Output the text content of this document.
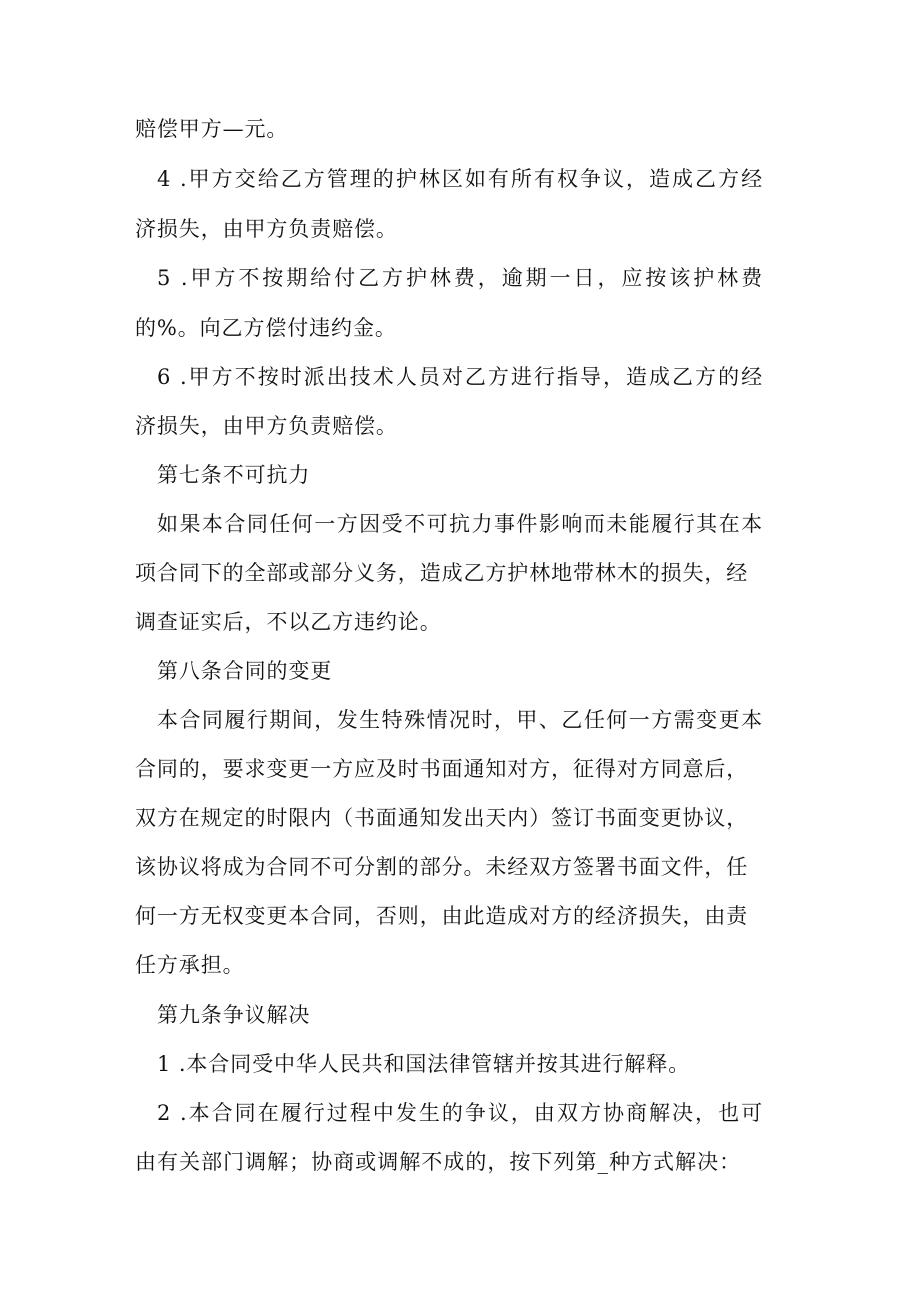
赔偿甲方—元。

4 .甲方交给乙方管理的护林区如有所有权争议，造成乙方经

济损失，由甲方负责赔偿。

5 .甲方不按期给付乙方护林费，逾期一日，应按该护林费

的%。向乙方偿付违约金。

6 .甲方不按时派出技术人员对乙方进行指导，造成乙方的经

济损失，由甲方负责赔偿。

第七条不可抗力

如果本合同任何一方因受不可抗力事件影响而未能履行其在本

项合同下的全部或部分义务，造成乙方护林地带林木的损失，经

调查证实后，不以乙方违约论。

第八条合同的变更

本合同履行期间，发生特殊情况时，甲、乙任何一方需变更本

合同的，要求变更一方应及时书面通知对方，征得对方同意后，

双方在规定的时限内（书面通知发出天内）签订书面变更协议，

该协议将成为合同不可分割的部分。未经双方签署书面文件，任

何一方无权变更本合同，否则，由此造成对方的经济损失，由责

任方承担。

第九条争议解决

1 .本合同受中华人民共和国法律管辖并按其进行解释。

2 .本合同在履行过程中发生的争议，由双方协商解决，也可

由有关部门调解；协商或调解不成的，按下列第_种方式解决：
